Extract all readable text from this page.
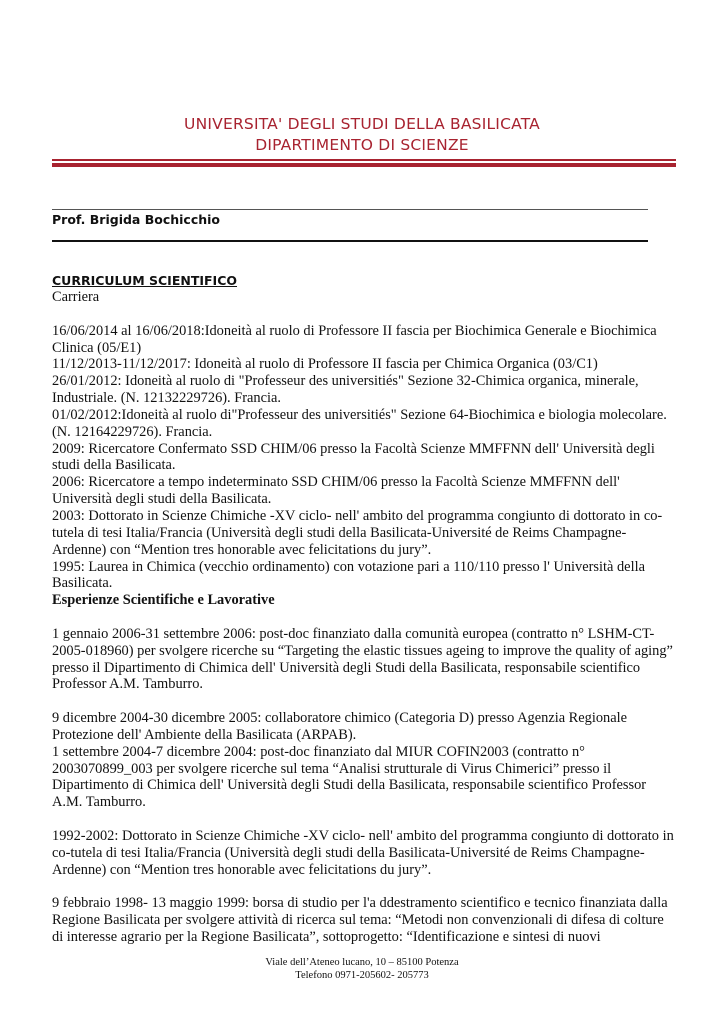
UNIVERSITA' DEGLI STUDI DELLA BASILICATA
DIPARTIMENTO DI SCIENZE
Prof. Brigida Bochicchio
CURRICULUM SCIENTIFICO

Carriera

16/06/2014 al 16/06/2018:Idoneità al ruolo di Professore II fascia per Biochimica Generale e Biochimica Clinica (05/E1)

11/12/2013-11/12/2017: Idoneità al ruolo di Professore II fascia per Chimica Organica (03/C1)

26/01/2012: Idoneità al ruolo di "Professeur des universitiés" Sezione 32-Chimica organica, minerale, Industriale. (N. 12132229726). Francia.

01/02/2012:Idoneità al ruolo di"Professeur des universitiés" Sezione 64-Biochimica e biologia molecolare. (N. 12164229726). Francia.

2009: Ricercatore Confermato SSD CHIM/06 presso la Facoltà Scienze MMFFNN dell' Università degli studi della Basilicata.

2006: Ricercatore a tempo indeterminato SSD CHIM/06 presso la Facoltà Scienze MMFFNN dell' Università degli studi della Basilicata.

2003: Dottorato in Scienze Chimiche -XV ciclo- nell' ambito del programma congiunto di dottorato in co-tutela di tesi Italia/Francia (Università degli studi della Basilicata-Université de Reims Champagne-Ardenne) con “Mention tres honorable avec felicitations du jury”.

1995: Laurea in Chimica (vecchio ordinamento) con votazione pari a 110/110 presso l' Università della Basilicata.

Esperienze Scientifiche e Lavorative

1 gennaio 2006-31 settembre 2006: post-doc finanziato dalla comunità europea (contratto n° LSHM-CT-2005-018960) per svolgere ricerche su “Targeting the elastic tissues ageing to improve the quality of aging” presso il Dipartimento di Chimica dell' Università degli Studi della Basilicata, responsabile scientifico Professor A.M. Tamburro.

9 dicembre 2004-30 dicembre 2005: collaboratore chimico (Categoria D) presso Agenzia Regionale Protezione dell' Ambiente della Basilicata (ARPAB).

1 settembre 2004-7 dicembre 2004: post-doc finanziato dal MIUR COFIN2003 (contratto n° 2003070899_003 per svolgere ricerche sul tema “Analisi strutturale di Virus Chimerici” presso il Dipartimento di Chimica dell' Università degli Studi della Basilicata, responsabile scientifico Professor A.M. Tamburro.

1992-2002: Dottorato in Scienze Chimiche -XV ciclo- nell' ambito del programma congiunto di dottorato in co-tutela di tesi Italia/Francia (Università degli studi della Basilicata-Université de Reims Champagne-Ardenne) con “Mention tres honorable avec felicitations du jury”.

9 febbraio 1998- 13 maggio 1999: borsa di studio per l'a ddestramento scientifico e tecnico finanziata dalla Regione Basilicata per svolgere attività di ricerca sul tema: “Metodi non convenzionali di difesa di colture di interesse agrario per la Regione Basilicata”, sottoprogetto: “Identificazione e sintesi di nuovi

Viale dell’Ateneo lucano, 10 – 85100 Potenza
Telefono 0971-205602- 205773
